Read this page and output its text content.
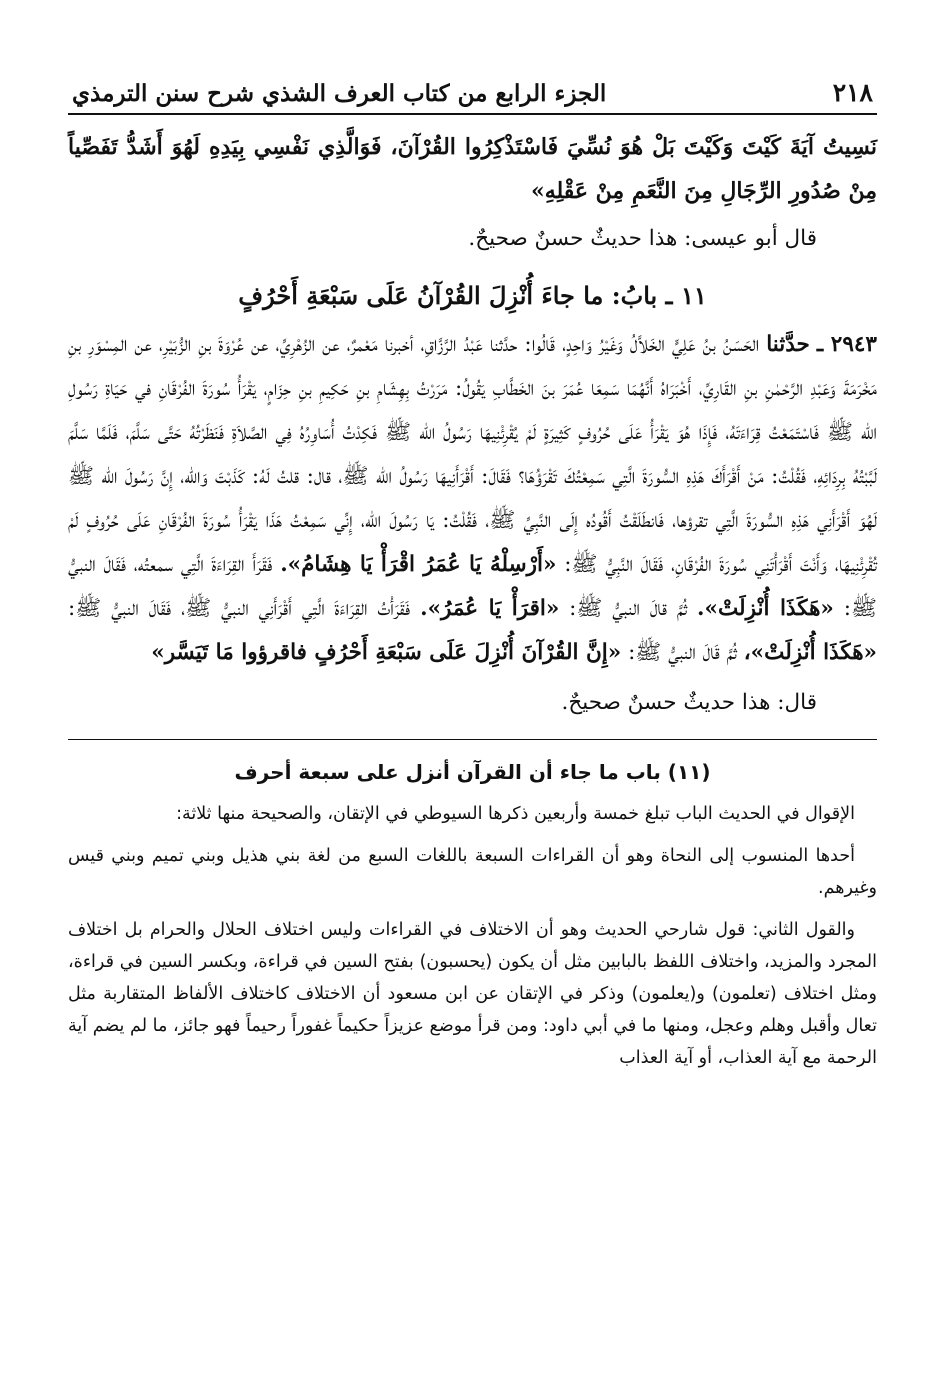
٢١٨
الجزء الرابع من كتاب العرف الشذي شرح سنن الترمذي

نَسِيتُ آيَةَ كَيْتَ وَكَيْتَ بَلْ هُوَ نُسِّيَ فَاسْتَذْكِرُوا القُرْآنَ، فَوَالَّذِي نَفْسِي بِيَدِهِ لَهُوَ أَشَدُّ تَفَصِّياً مِنْ صُدُورِ الرِّجَالِ مِنَ النَّعَمِ مِنْ عَقْلِهِ»

قال أبو عيسى: هذا حديثٌ حسنٌ صحيحٌ.

١١ ـ بابُ: ما جاءَ أُنْزِلَ القُرْآنُ عَلَى سَبْعَةِ أَحْرُفٍ

٢٩٤٣ ـ حدَّثنا الحَسَنُ بنُ عَلِيٍّ الخَلاَّلُ وَغَيْرُ وَاحِدٍ، قَالُوا: حدَّثنا عَبْدُ الرَّزَّاقِ، أخبرنا مَعْمرٌ، عن الزُهْرِيِّ، عن عُرْوَةَ بنِ الزُّبَيْرِ، عن المِسْوَرِ بنِ مَخْرَمَةَ وَعَبْدِ الرَّحْمٰنِ بنِ القَارِيِّ، أَخْبَرَاهُ أَنَّهُمَا سَمِعَا عُمَرَ بنَ الخَطَّابِ يَقُولُ: مَرَرْتُ بِهِشَامِ بنِ حَكِيمِ بنِ حِزَامٍ، يَقْرَأُ سُورَةَ الفُرْقَانِ في حَيَاةِ رَسُولِ الله ﷺ فَاسْتَمَعْتُ قِرَاءَتَهُ، فَإِذَا هُوَ يَقْرَأُ عَلَى حُرُوفٍ كَثِيرَةٍ لَمْ يُقْرِئْنِيهَا رَسُولُ الله ﷺ فَكِدْتُ أُسَاوِرُهُ فِي الصَّلاَةِ فَنَظَرْتُهُ حَتَّى سَلَّمَ، فَلَمَّا سَلَّمَ لَبَّبْتُهُ بِرِدَائِهِ، فَقُلْتُ: مَنْ أَقْرَأَكَ هَذِهِ السُّورَةَ الَّتِي سَمِعْتُكَ تَقْرَؤُهَا؟ فَقَالَ: أَقْرَأَنِيهَا رَسُولُ الله ﷺ، قال: قلتُ لَهُ: كَذَبْتَ وَالله، إِنَّ رَسُولَ الله ﷺ لَهُوَ أَقْرَأَنِي هَذِهِ السُّورَةَ الَّتِي تقرؤها، فَانطَلَقْتُ أَقُودُه إِلَى النَّبِيِّ ﷺ، فَقُلْتُ: يَا رَسُولَ الله، إِنِّي سَمِعْتُ هَذَا يَقْرَأُ سُورَةَ الفُرْقَانِ عَلَى حُرُوفٍ لَمْ تُقْرِئْنِيهَا، وَأَنْتَ أَقْرَأْتَنِي سُورَةَ الفُرْقَانِ، فَقَالَ النَّبِيُّ ﷺ: «أَرْسِلْهُ يَا عُمَرُ اقْرَأْ يَا هِشَامُ». فَقَرَأَ القِرَاءَةَ الَّتِي سمعتُه، فَقَالَ النبيُّ ﷺ: «هَكَذَا أُنْزِلَتْ». ثُمَّ قالَ النبيُّ ﷺ: «اقرَأْ يَا عُمَرُ». فَقَرَأْتُ القِرَاءَةَ الَّتِي أَقْرَأَنِي النبيُّ ﷺ، فَقَالَ النبيُّ ﷺ: «هَكَذَا أُنْزِلَتْ»، ثُمَّ قَالَ النبيُّ ﷺ: «إِنَّ القُرْآنَ أُنْزِلَ عَلَى سَبْعَةِ أَحْرُفٍ فاقرؤوا مَا تَيَسَّر»

قال: هذا حديثٌ حسنٌ صحيحٌ.

(١١) باب ما جاء أن القرآن أنزل على سبعة أحرف

الإقوال في الحديث الباب تبلغ خمسة وأربعين ذكرها السيوطي في الإتقان، والصحيحة منها ثلاثة:

أحدها المنسوب إلى النحاة وهو أن القراءات السبعة باللغات السبع من لغة بني هذيل وبني تميم وبني قيس وغيرهم.

والقول الثاني: قول شارحي الحديث وهو أن الاختلاف في القراءات وليس اختلاف الحلال والحرام بل اختلاف المجرد والمزيد، واختلاف اللفظ بالبابين مثل أن يكون (يحسبون) بفتح السين في قراءة، وبكسر السين في قراءة، ومثل اختلاف (تعلمون) و(يعلمون) وذكر في الإتقان عن ابن مسعود أن الاختلاف كاختلاف الألفاظ المتقاربة مثل تعال وأقبل وهلم وعجل، ومنها ما في أبي داود: ومن قرأ موضع عزيزاً حكيماً غفوراً رحيماً فهو جائز، ما لم يضم آية الرحمة مع آية العذاب، أو آية العذاب
